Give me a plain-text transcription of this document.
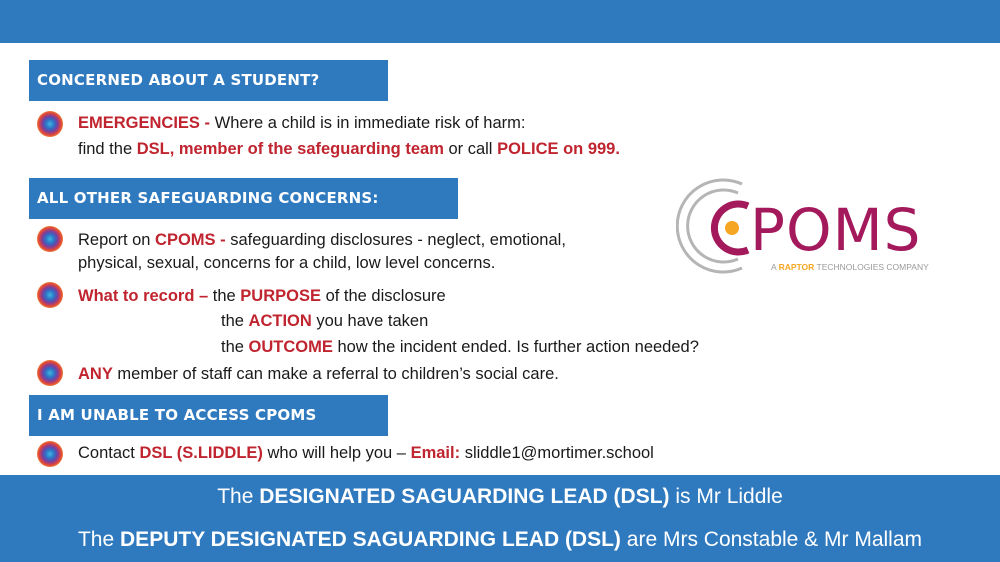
CONCERNED ABOUT A STUDENT?
EMERGENCIES - Where a child is in immediate risk of harm:
find the DSL, member of the safeguarding team or call POLICE on 999.
ALL OTHER SAFEGUARDING CONCERNS:
Report on CPOMS - safeguarding disclosures - neglect, emotional,
physical, sexual, concerns for a child, low level concerns.
What to record – the PURPOSE of the disclosure
the ACTION you have taken
the OUTCOME how the incident ended. Is further action needed?
ANY member of staff can make a referral to children’s social care.
I AM UNABLE TO ACCESS CPOMS
Contact DSL (S.LIDDLE) who will help you – Email: sliddle1@mortimer.school
POMS
A RAPTOR TECHNOLOGIES COMPANY
The DESIGNATED SAGUARDING LEAD (DSL) is Mr Liddle
The DEPUTY DESIGNATED SAGUARDING LEAD (DSL) are Mrs Constable & Mr Mallam
